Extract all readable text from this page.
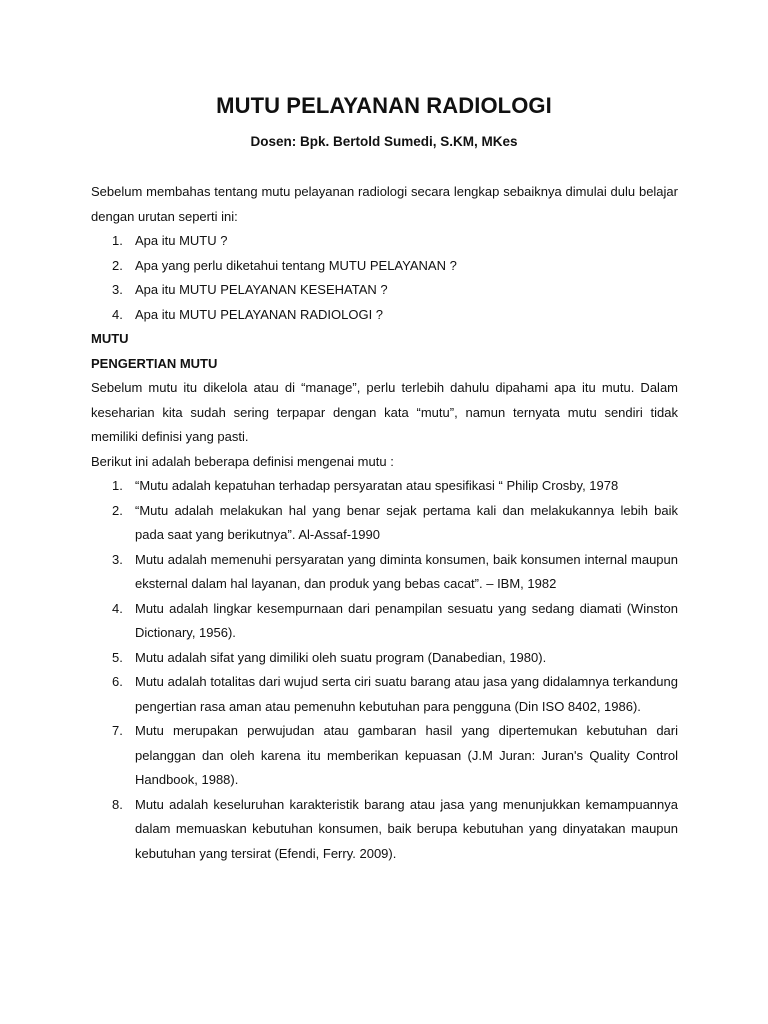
MUTU PELAYANAN RADIOLOGI
Dosen: Bpk. Bertold Sumedi, S.KM, MKes

Sebelum membahas tentang mutu pelayanan radiologi secara lengkap sebaiknya dimulai dulu belajar dengan urutan seperti ini:

1. Apa itu MUTU ?
2. Apa yang perlu diketahui tentang MUTU PELAYANAN ?
3. Apa itu MUTU PELAYANAN KESEHATAN ?
4. Apa itu MUTU PELAYANAN RADIOLOGI ?

MUTU

PENGERTIAN MUTU

Sebelum mutu itu dikelola atau di “manage”, perlu terlebih dahulu dipahami apa itu mutu. Dalam keseharian kita sudah sering terpapar dengan kata “mutu”, namun ternyata mutu sendiri tidak memiliki definisi yang pasti.

Berikut ini adalah beberapa definisi mengenai mutu :

1. “Mutu adalah kepatuhan terhadap persyaratan atau spesifikasi “ Philip Crosby, 1978
2. “Mutu adalah melakukan hal yang benar sejak pertama kali dan melakukannya lebih baik pada saat yang berikutnya”. Al-Assaf-1990
3. Mutu adalah memenuhi persyaratan yang diminta konsumen, baik konsumen internal maupun eksternal dalam hal layanan, dan produk yang bebas cacat”. – IBM, 1982
4. Mutu adalah lingkar kesempurnaan dari penampilan sesuatu yang sedang diamati (Winston Dictionary, 1956).
5. Mutu adalah sifat yang dimiliki oleh suatu program (Danabedian, 1980).
6. Mutu adalah totalitas dari wujud serta ciri suatu barang atau jasa yang didalamnya terkandung pengertian rasa aman atau pemenuhn kebutuhan para pengguna (Din ISO 8402, 1986).
7. Mutu merupakan perwujudan atau gambaran hasil yang dipertemukan kebutuhan dari pelanggan dan oleh karena itu memberikan kepuasan (J.M Juran: Juran's Quality Control Handbook, 1988).
8. Mutu adalah keseluruhan karakteristik barang atau jasa yang menunjukkan kemampuannya dalam memuaskan kebutuhan konsumen, baik berupa kebutuhan yang dinyatakan maupun kebutuhan yang tersirat (Efendi, Ferry. 2009).
